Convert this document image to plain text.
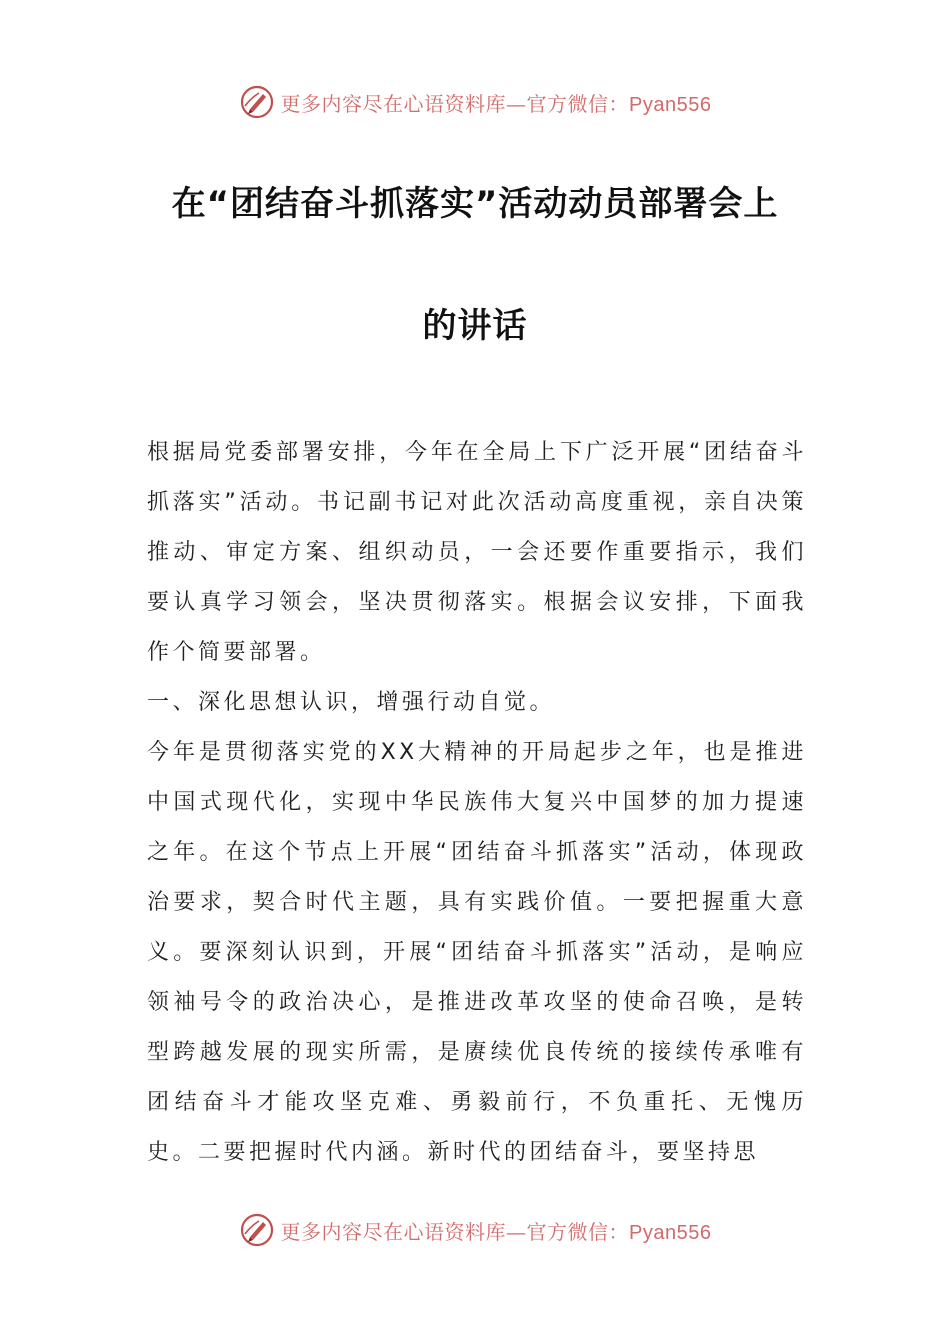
更多内容尽在心语资料库—官方微信：Pyan556
在“团结奋斗抓落实”活动动员部署会上
的讲话

根据局党委部署安排，今年在全局上下广泛开展“团结奋斗抓落实”活动。书记副书记对此次活动高度重视，亲自决策推动、审定方案、组织动员，一会还要作重要指示，我们要认真学习领会，坚决贯彻落实。根据会议安排，下面我作个简要部署。

一、深化思想认识，增强行动自觉。

今年是贯彻落实党的XX大精神的开局起步之年，也是推进中国式现代化，实现中华民族伟大复兴中国梦的加力提速之年。在这个节点上开展“团结奋斗抓落实”活动，体现政治要求，契合时代主题，具有实践价值。一要把握重大意义。要深刻认识到，开展“团结奋斗抓落实”活动，是响应领袖号令的政治决心，是推进改革攻坚的使命召唤，是转型跨越发展的现实所需，是赓续优良传统的接续传承唯有团结奋斗才能攻坚克难、勇毅前行，不负重托、无愧历史。二要把握时代内涵。新时代的团结奋斗，要坚持思

更多内容尽在心语资料库—官方微信：Pyan556
